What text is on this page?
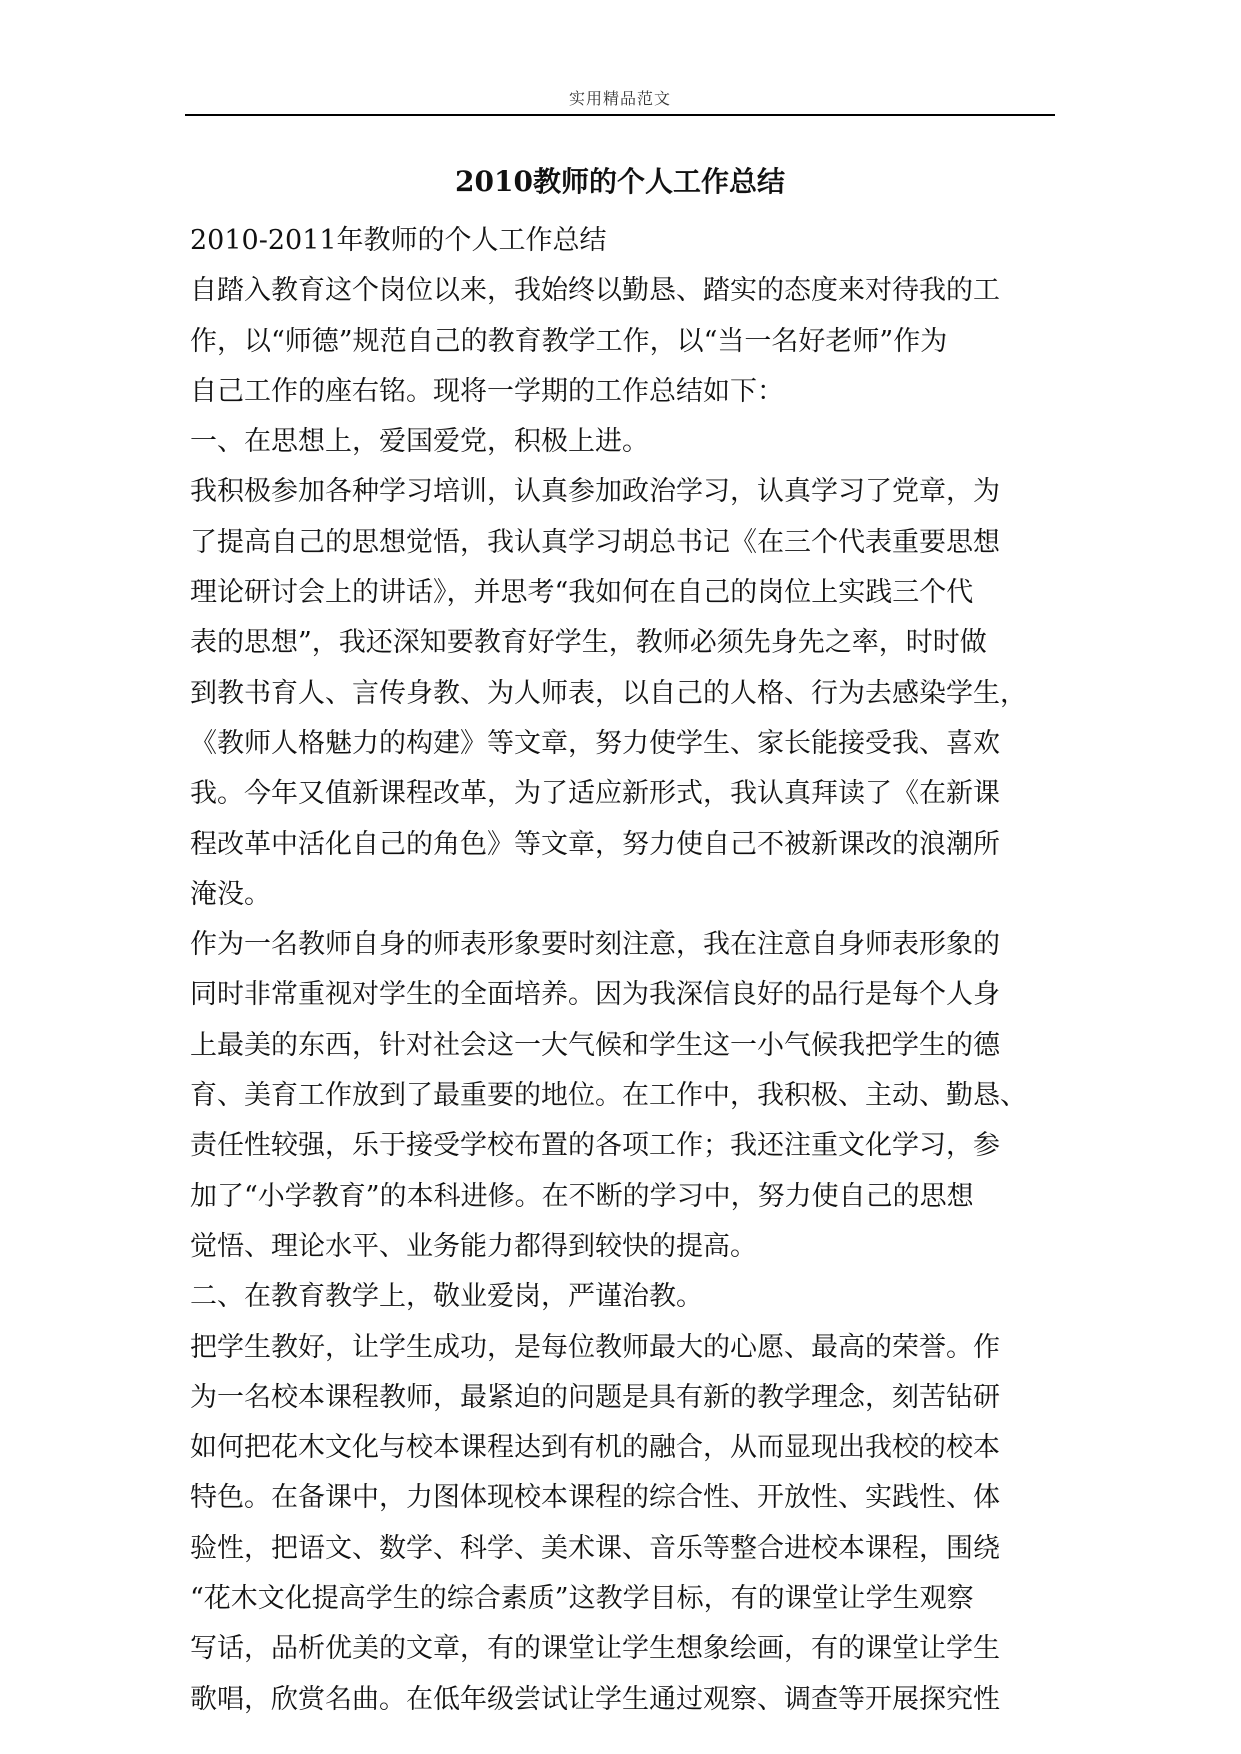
实用精品范文
2010教师的个人工作总结
2010-2011年教师的个人工作总结
自踏入教育这个岗位以来，我始终以勤恳、踏实的态度来对待我的工
作，以“师德”规范自己的教育教学工作，以“当一名好老师”作为
自己工作的座右铭。现将一学期的工作总结如下：
一、在思想上，爱国爱党，积极上进。
我积极参加各种学习培训，认真参加政治学习，认真学习了党章，为
了提高自己的思想觉悟，我认真学习胡总书记《在三个代表重要思想
理论研讨会上的讲话》，并思考“我如何在自己的岗位上实践三个代
表的思想”，我还深知要教育好学生，教师必须先身先之率，时时做
到教书育人、言传身教、为人师表，以自己的人格、行为去感染学生，
《教师人格魅力的构建》等文章，努力使学生、家长能接受我、喜欢
我。今年又值新课程改革，为了适应新形式，我认真拜读了《在新课
程改革中活化自己的角色》等文章，努力使自己不被新课改的浪潮所
淹没。
作为一名教师自身的师表形象要时刻注意，我在注意自身师表形象的
同时非常重视对学生的全面培养。因为我深信良好的品行是每个人身
上最美的东西，针对社会这一大气候和学生这一小气候我把学生的德
育、美育工作放到了最重要的地位。在工作中，我积极、主动、勤恳、
责任性较强，乐于接受学校布置的各项工作；我还注重文化学习，参
加了“小学教育”的本科进修。在不断的学习中，努力使自己的思想
觉悟、理论水平、业务能力都得到较快的提高。
二、在教育教学上，敬业爱岗，严谨治教。
把学生教好，让学生成功，是每位教师最大的心愿、最高的荣誉。作
为一名校本课程教师，最紧迫的问题是具有新的教学理念，刻苦钻研
如何把花木文化与校本课程达到有机的融合，从而显现出我校的校本
特色。在备课中，力图体现校本课程的综合性、开放性、实践性、体
验性，把语文、数学、科学、美术课、音乐等整合进校本课程，围绕
“花木文化提高学生的综合素质”这教学目标，有的课堂让学生观察
写话，品析优美的文章，有的课堂让学生想象绘画，有的课堂让学生
歌唱，欣赏名曲。在低年级尝试让学生通过观察、调查等开展探究性
